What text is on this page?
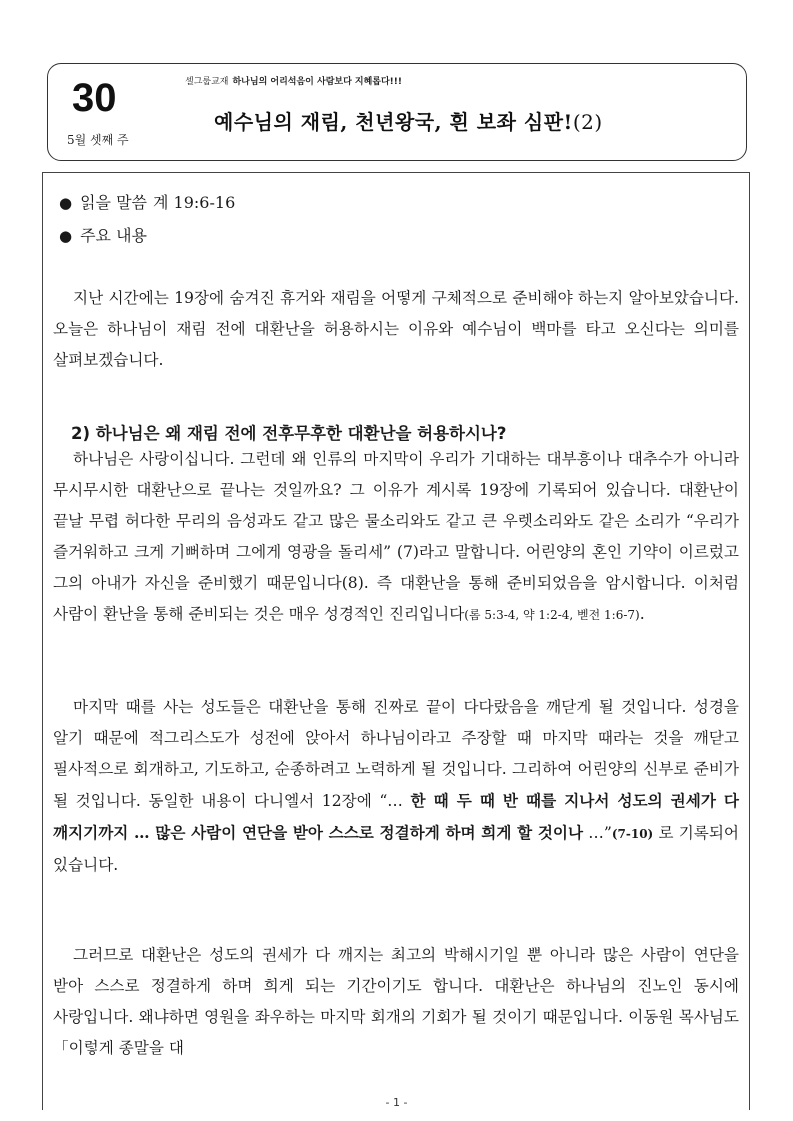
30
5월 셋째 주
셀그룹교재 하나님의 어리석음이 사람보다 지혜롭다!!!
예수님의 재림, 천년왕국, 흰 보좌 심판!(2)
● 읽을 말씀 계 19:6-16
● 주요 내용

지난 시간에는 19장에 숨겨진 휴거와 재림을 어떻게 구체적으로 준비해야 하는지 알아보았습니다. 오늘은 하나님이 재림 전에 대환난을 허용하시는 이유와 예수님이 백마를 타고 오신다는 의미를 살펴보겠습니다.

2) 하나님은 왜 재림 전에 전후무후한 대환난을 허용하시나?

하나님은 사랑이십니다. 그런데 왜 인류의 마지막이 우리가 기대하는 대부흥이나 대추수가 아니라 무시무시한 대환난으로 끝나는 것일까요? 그 이유가 계시록 19장에 기록되어 있습니다. 대환난이 끝날 무렵 허다한 무리의 음성과도 같고 많은 물소리와도 같고 큰 우렛소리와도 같은 소리가 “우리가 즐거워하고 크게 기뻐하며 그에게 영광을 돌리세” (7)라고 말합니다. 어린양의 혼인 기약이 이르렀고 그의 아내가 자신을 준비했기 때문입니다(8). 즉 대환난을 통해 준비되었음을 암시합니다. 이처럼 사람이 환난을 통해 준비되는 것은 매우 성경적인 진리입니다(롬 5:3-4, 약 1:2-4, 벧전 1:6-7).

마지막 때를 사는 성도들은 대환난을 통해 진짜로 끝이 다다랐음을 깨닫게 될 것입니다. 성경을 알기 때문에 적그리스도가 성전에 앉아서 하나님이라고 주장할 때 마지막 때라는 것을 깨닫고 필사적으로 회개하고, 기도하고, 순종하려고 노력하게 될 것입니다. 그리하여 어린양의 신부로 준비가 될 것입니다. 동일한 내용이 다니엘서 12장에 “… 한 때 두 때 반 때를 지나서 성도의 권세가 다 깨지기까지 … 많은 사람이 연단을 받아 스스로 정결하게 하며 희게 할 것이나 …”(7-10) 로 기록되어 있습니다.

그러므로 대환난은 성도의 권세가 다 깨지는 최고의 박해시기일 뿐 아니라 많은 사람이 연단을 받아 스스로 정결하게 하며 희게 되는 기간이기도 합니다. 대환난은 하나님의 진노인 동시에 사랑입니다. 왜냐하면 영원을 좌우하는 마지막 회개의 기회가 될 것이기 때문입니다. 이동원 목사님도 「이렇게 종말을 대

- 1 -
